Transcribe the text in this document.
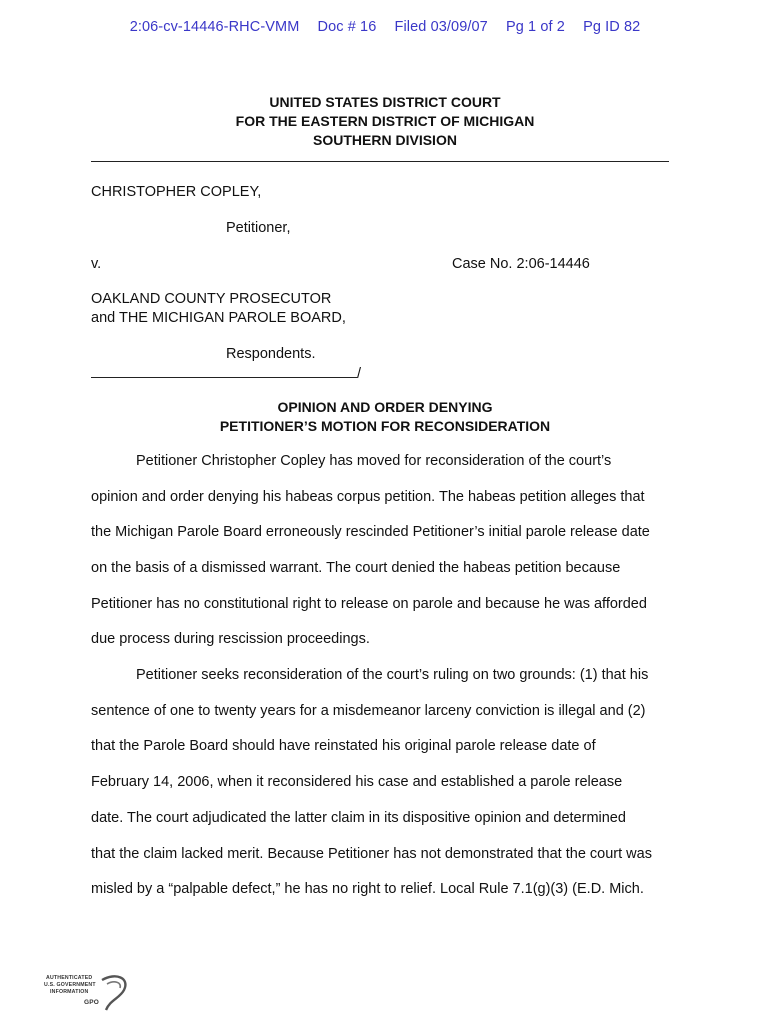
2:06-cv-14446-RHC-VMM Doc # 16 Filed 03/09/07 Pg 1 of 2 Pg ID 82
UNITED STATES DISTRICT COURT
FOR THE EASTERN DISTRICT OF MICHIGAN
SOUTHERN DIVISION
CHRISTOPHER COPLEY,
Petitioner,
v.	Case No. 2:06-14446
OAKLAND COUNTY PROSECUTOR
and THE MICHIGAN PAROLE BOARD,
Respondents.
/
OPINION AND ORDER DENYING
PETITIONER’S MOTION FOR RECONSIDERATION
Petitioner Christopher Copley has moved for reconsideration of the court’s
opinion and order denying his habeas corpus petition. The habeas petition alleges that
the Michigan Parole Board erroneously rescinded Petitioner’s initial parole release date
on the basis of a dismissed warrant. The court denied the habeas petition because
Petitioner has no constitutional right to release on parole and because he was afforded
due process during rescission proceedings.
Petitioner seeks reconsideration of the court’s ruling on two grounds: (1) that his
sentence of one to twenty years for a misdemeanor larceny conviction is illegal and (2)
that the Parole Board should have reinstated his original parole release date of
February 14, 2006, when it reconsidered his case and established a parole release
date. The court adjudicated the latter claim in its dispositive opinion and determined
that the claim lacked merit. Because Petitioner has not demonstrated that the court was
misled by a “palpable defect,” he has no right to relief. Local Rule 7.1(g)(3) (E.D. Mich.
AUTHENTICATED
U.S. GOVERNMENT
INFORMATION
GPO
